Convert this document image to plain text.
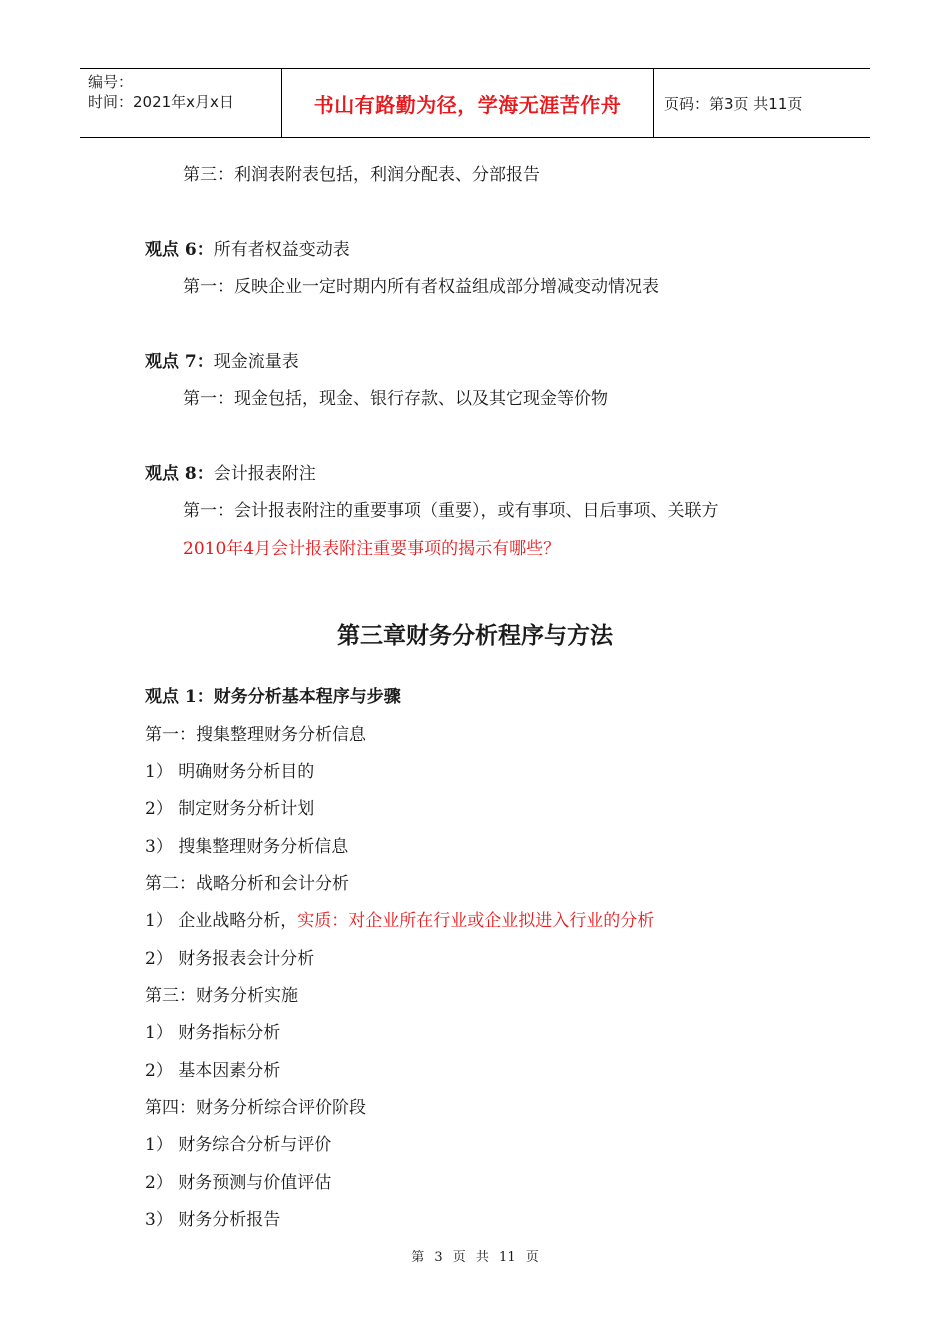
编号：
时间：2021年x月x日	书山有路勤为径，学海无涯苦作舟	页码：第3页 共11页
第三：利润表附表包括，利润分配表、分部报告
观点 6：所有者权益变动表
第一：反映企业一定时期内所有者权益组成部分增减变动情况表
观点 7：现金流量表
第一：现金包括，现金、银行存款、以及其它现金等价物
观点 8：会计报表附注
第一：会计报表附注的重要事项（重要），或有事项、日后事项、关联方
2010年4月会计报表附注重要事项的揭示有哪些？
第三章财务分析程序与方法
观点 1：财务分析基本程序与步骤
第一：搜集整理财务分析信息
1） 明确财务分析目的
2） 制定财务分析计划
3） 搜集整理财务分析信息
第二：战略分析和会计分析
1） 企业战略分析，实质：对企业所在行业或企业拟进入行业的分析
2） 财务报表会计分析
第三：财务分析实施
1） 财务指标分析
2） 基本因素分析
第四：财务分析综合评价阶段
1） 财务综合分析与评价
2） 财务预测与价值评估
3） 财务分析报告
第 3 页 共 11 页
